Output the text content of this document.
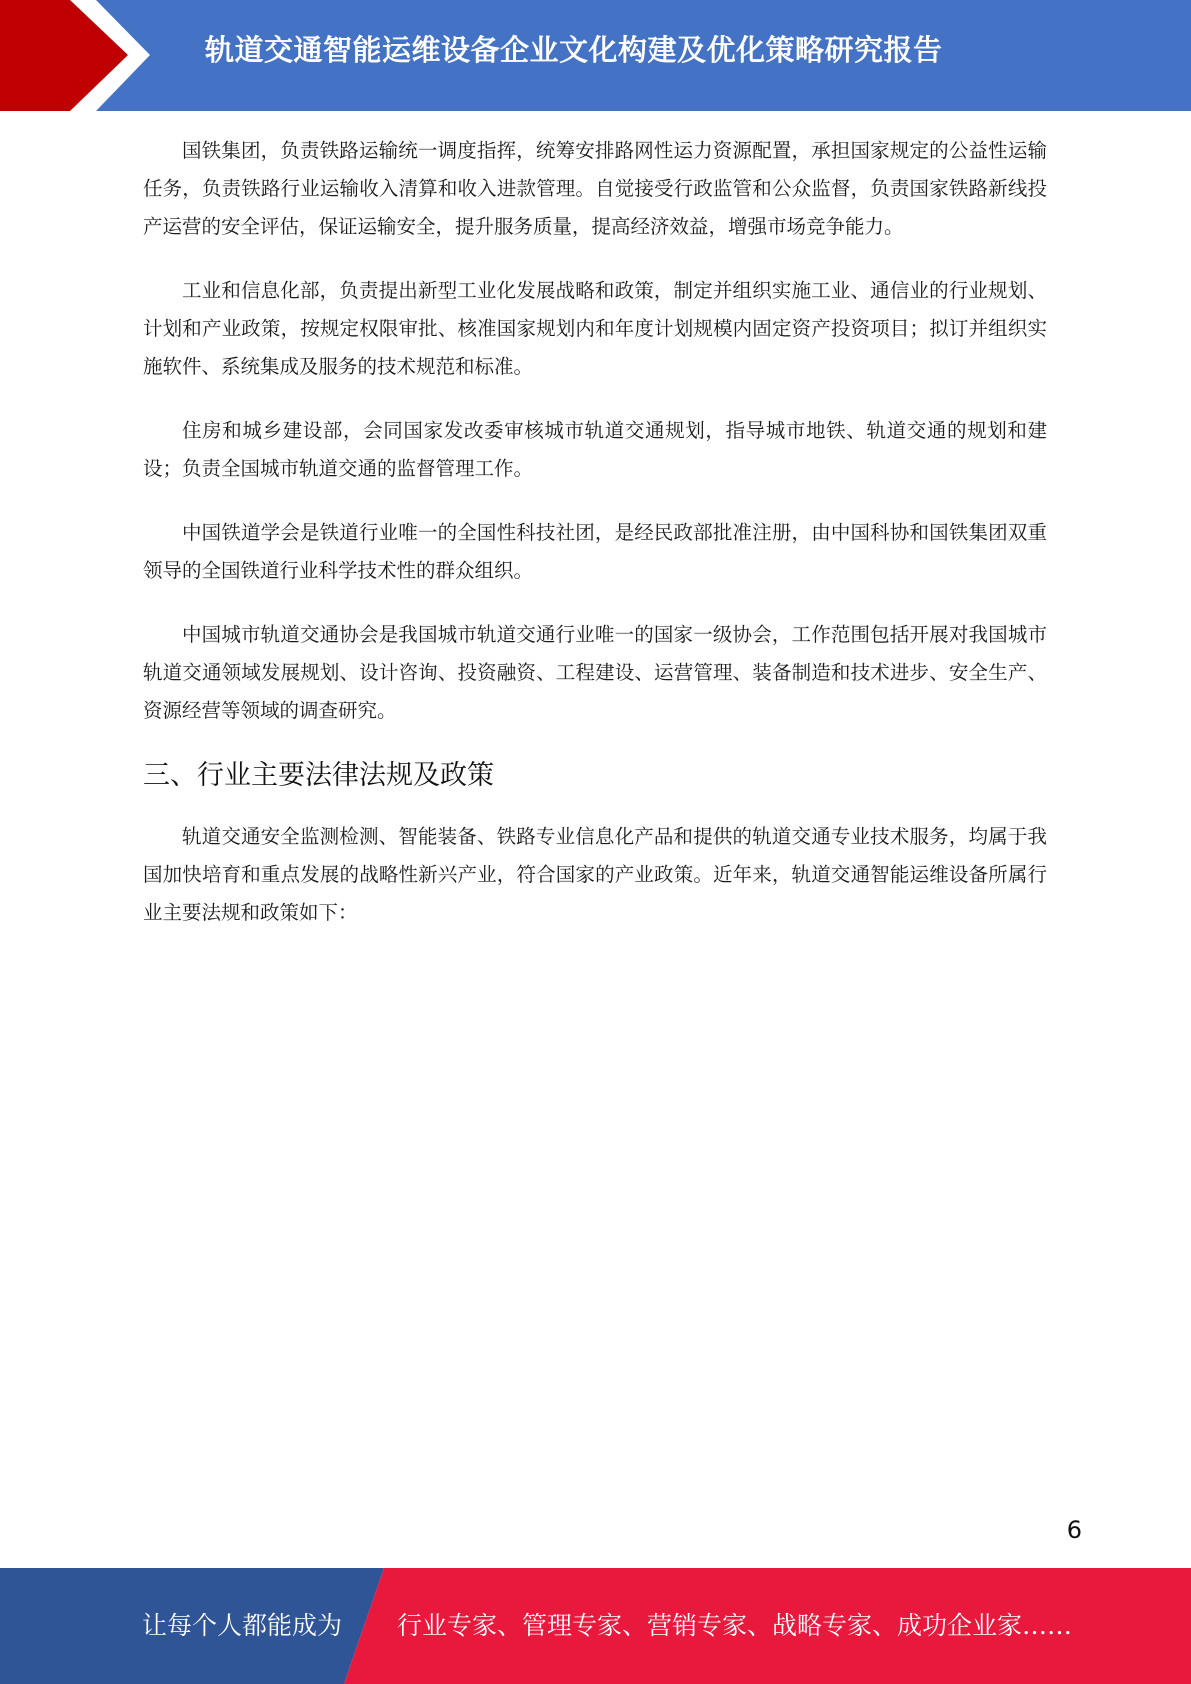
轨道交通智能运维设备企业文化构建及优化策略研究报告

国铁集团，负责铁路运输统一调度指挥，统筹安排路网性运力资源配置，承担国家规定的公益性运输任务，负责铁路行业运输收入清算和收入进款管理。自觉接受行政监管和公众监督，负责国家铁路新线投产运营的安全评估，保证运输安全，提升服务质量，提高经济效益，增强市场竞争能力。

工业和信息化部，负责提出新型工业化发展战略和政策，制定并组织实施工业、通信业的行业规划、计划和产业政策，按规定权限审批、核准国家规划内和年度计划规模内固定资产投资项目；拟订并组织实施软件、系统集成及服务的技术规范和标准。

住房和城乡建设部，会同国家发改委审核城市轨道交通规划，指导城市地铁、轨道交通的规划和建设；负责全国城市轨道交通的监督管理工作。

中国铁道学会是铁道行业唯一的全国性科技社团，是经民政部批准注册，由中国科协和国铁集团双重领导的全国铁道行业科学技术性的群众组织。

中国城市轨道交通协会是我国城市轨道交通行业唯一的国家一级协会，工作范围包括开展对我国城市轨道交通领域发展规划、设计咨询、投资融资、工程建设、运营管理、装备制造和技术进步、安全生产、资源经营等领域的调查研究。

三、行业主要法律法规及政策

轨道交通安全监测检测、智能装备、铁路专业信息化产品和提供的轨道交通专业技术服务，均属于我国加快培育和重点发展的战略性新兴产业，符合国家的产业政策。近年来，轨道交通智能运维设备所属行业主要法规和政策如下：

6
让每个人都能成为 行业专家、管理专家、营销专家、战略专家、成功企业家……
